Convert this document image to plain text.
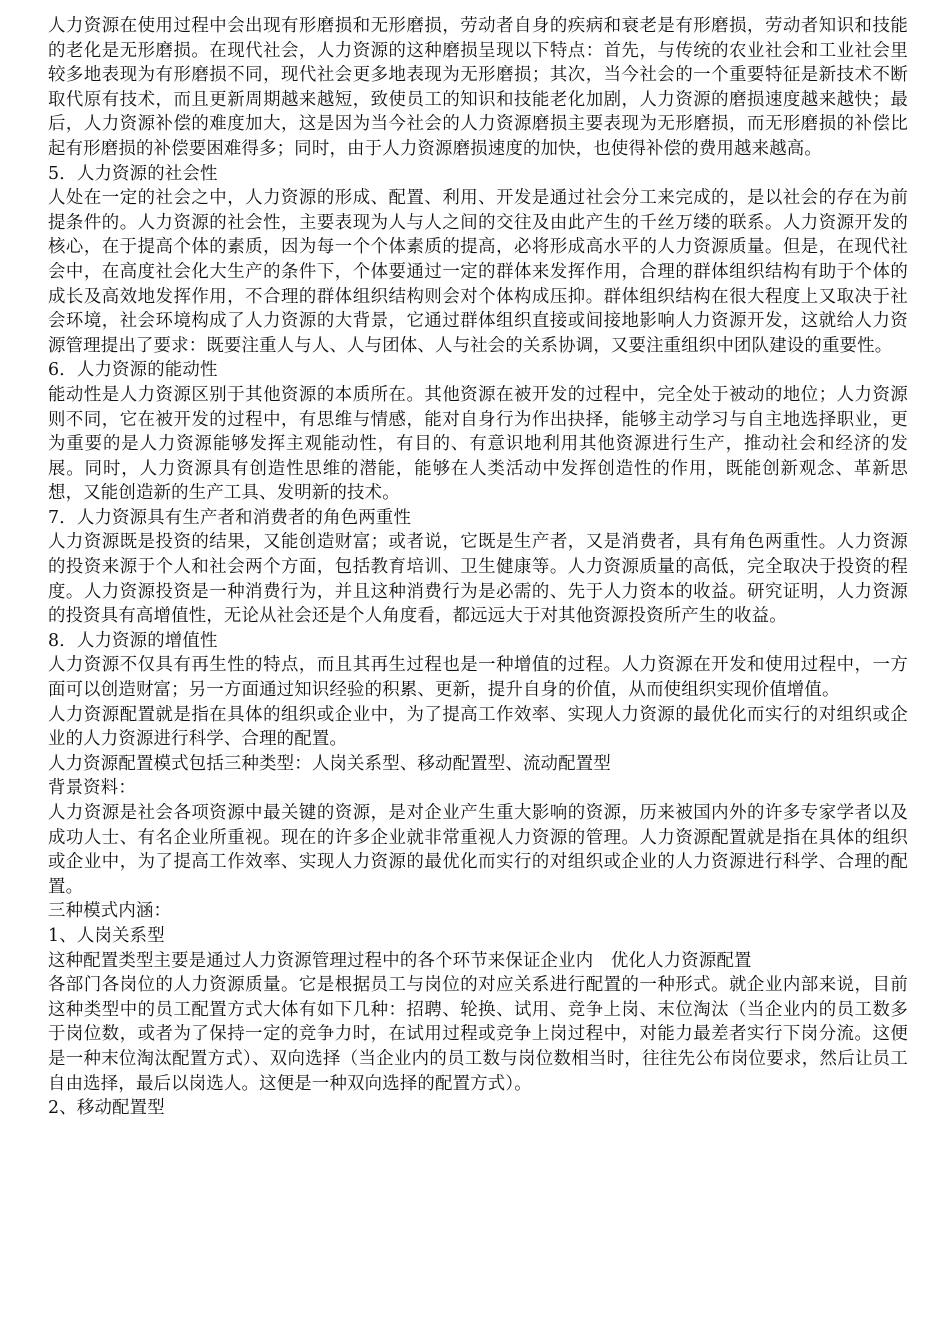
人力资源在使用过程中会出现有形磨损和无形磨损，劳动者自身的疾病和衰老是有形磨损，劳动者知识和技能的老化是无形磨损。在现代社会，人力资源的这种磨损呈现以下特点：首先，与传统的农业社会和工业社会里较多地表现为有形磨损不同，现代社会更多地表现为无形磨损；其次，当今社会的一个重要特征是新技术不断取代原有技术，而且更新周期越来越短，致使员工的知识和技能老化加剧，人力资源的磨损速度越来越快；最后，人力资源补偿的难度加大，这是因为当今社会的人力资源磨损主要表现为无形磨损，而无形磨损的补偿比起有形磨损的补偿要困难得多；同时，由于人力资源磨损速度的加快，也使得补偿的费用越来越高。

5．人力资源的社会性

人处在一定的社会之中，人力资源的形成、配置、利用、开发是通过社会分工来完成的，是以社会的存在为前提条件的。人力资源的社会性，主要表现为人与人之间的交往及由此产生的千丝万缕的联系。人力资源开发的核心，在于提高个体的素质，因为每一个个体素质的提高，必将形成高水平的人力资源质量。但是，在现代社会中，在高度社会化大生产的条件下，个体要通过一定的群体来发挥作用，合理的群体组织结构有助于个体的成长及高效地发挥作用，不合理的群体组织结构则会对个体构成压抑。群体组织结构在很大程度上又取决于社会环境，社会环境构成了人力资源的大背景，它通过群体组织直接或间接地影响人力资源开发，这就给人力资源管理提出了要求：既要注重人与人、人与团体、人与社会的关系协调，又要注重组织中团队建设的重要性。

6．人力资源的能动性

能动性是人力资源区别于其他资源的本质所在。其他资源在被开发的过程中，完全处于被动的地位；人力资源则不同，它在被开发的过程中，有思维与情感，能对自身行为作出抉择，能够主动学习与自主地选择职业，更为重要的是人力资源能够发挥主观能动性，有目的、有意识地利用其他资源进行生产，推动社会和经济的发展。同时，人力资源具有创造性思维的潜能，能够在人类活动中发挥创造性的作用，既能创新观念、革新思想，又能创造新的生产工具、发明新的技术。

7．人力资源具有生产者和消费者的角色两重性

人力资源既是投资的结果，又能创造财富；或者说，它既是生产者，又是消费者，具有角色两重性。人力资源的投资来源于个人和社会两个方面，包括教育培训、卫生健康等。人力资源质量的高低，完全取决于投资的程度。人力资源投资是一种消费行为，并且这种消费行为是必需的、先于人力资本的收益。研究证明，人力资源的投资具有高增值性，无论从社会还是个人角度看，都远远大于对其他资源投资所产生的收益。

8．人力资源的增值性

人力资源不仅具有再生性的特点，而且其再生过程也是一种增值的过程。人力资源在开发和使用过程中，一方面可以创造财富；另一方面通过知识经验的积累、更新，提升自身的价值，从而使组织实现价值增值。

人力资源配置就是指在具体的组织或企业中，为了提高工作效率、实现人力资源的最优化而实行的对组织或企业的人力资源进行科学、合理的配置。

人力资源配置模式包括三种类型：人岗关系型、移动配置型、流动配置型

背景资料：

人力资源是社会各项资源中最关键的资源，是对企业产生重大影响的资源，历来被国内外的许多专家学者以及成功人士、有名企业所重视。现在的许多企业就非常重视人力资源的管理。人力资源配置就是指在具体的组织或企业中，为了提高工作效率、实现人力资源的最优化而实行的对组织或企业的人力资源进行科学、合理的配置。

三种模式内涵：

1、人岗关系型

这种配置类型主要是通过人力资源管理过程中的各个环节来保证企业内　优化人力资源配置

各部门各岗位的人力资源质量。它是根据员工与岗位的对应关系进行配置的一种形式。就企业内部来说，目前这种类型中的员工配置方式大体有如下几种：招聘、轮换、试用、竞争上岗、末位淘汰（当企业内的员工数多于岗位数，或者为了保持一定的竞争力时，在试用过程或竞争上岗过程中，对能力最差者实行下岗分流。这便是一种末位淘汰配置方式）、双向选择（当企业内的员工数与岗位数相当时，往往先公布岗位要求，然后让员工自由选择，最后以岗选人。这便是一种双向选择的配置方式）。

2、移动配置型
